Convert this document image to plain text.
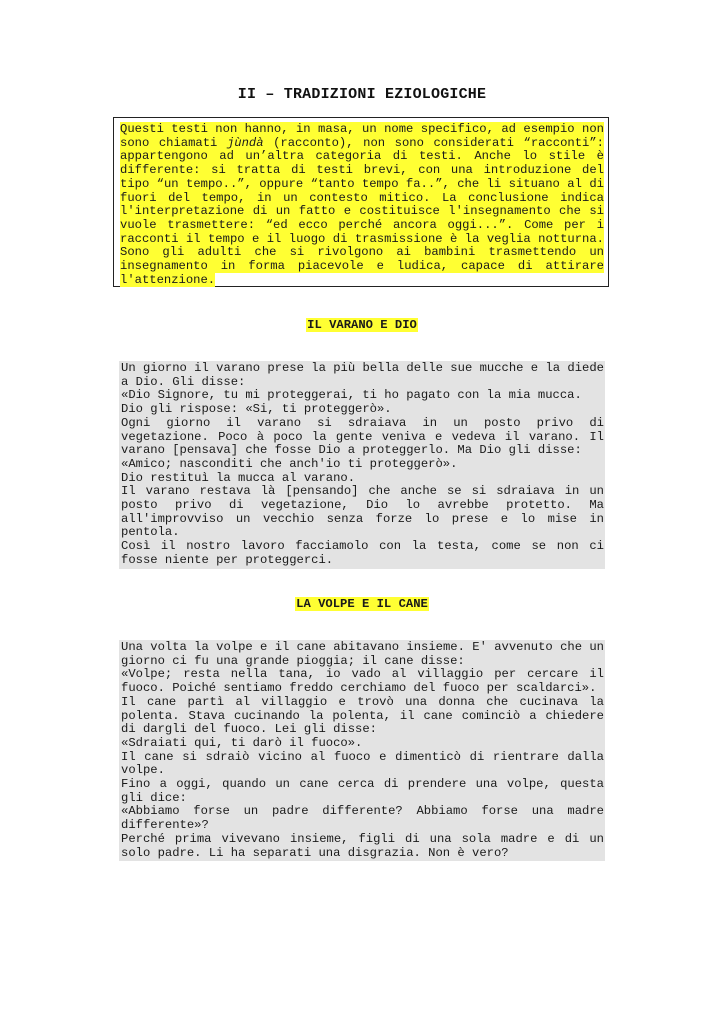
II – TRADIZIONI EZIOLOGICHE
Questi testi non hanno, in masa, un nome specifico, ad esempio non sono chiamati jùndà (racconto), non sono considerati “racconti”: appartengono ad un’altra categoria di testi. Anche lo stile è differente: si tratta di testi brevi, con una introduzione del tipo “un tempo..”, oppure “tanto tempo fa..”, che li situano al di fuori del tempo, in un contesto mitico. La conclusione indica l'interpretazione di un fatto e costituisce l'insegnamento che si vuole trasmettere: “ed ecco perché ancora oggi...”. Come per i racconti il tempo e il luogo di trasmissione è la veglia notturna. Sono gli adulti che si rivolgono ai bambini trasmettendo un insegnamento in forma piacevole e ludica, capace di attirare l'attenzione.
IL VARANO E DIO

Un giorno il varano prese la più bella delle sue mucche e la diede a Dio. Gli disse:

«Dio Signore, tu mi proteggerai, ti ho pagato con la mia mucca.

Dio gli rispose: «Si, ti proteggerò».

Ogni giorno il varano si sdraiava in un posto privo di vegetazione. Poco à poco la gente veniva e vedeva il varano. Il varano [pensava] che fosse Dio a proteggerlo. Ma Dio gli disse:

«Amico; nasconditi che anch'io ti proteggerò».

Dio restituì la mucca al varano.

Il varano restava là [pensando] che anche se si sdraiava in un posto privo di vegetazione, Dio lo avrebbe protetto. Ma all'improvviso un vecchio senza forze lo prese e lo mise in pentola.

Così il nostro lavoro facciamolo con la testa, come se non ci fosse niente per proteggerci.

LA VOLPE E IL CANE

Una volta la volpe e il cane abitavano insieme. E' avvenuto che un giorno ci fu una grande pioggia; il cane disse:

«Volpe; resta nella tana, io vado al villaggio per cercare il fuoco. Poiché sentiamo freddo cerchiamo del fuoco per scaldarci».

Il cane partì al villaggio e trovò una donna che cucinava la polenta. Stava cucinando la polenta, il cane cominciò a chiedere di dargli del fuoco. Lei gli disse:

«Sdraiati qui, ti darò il fuoco».

Il cane si sdraiò vicino al fuoco e dimenticò di rientrare dalla volpe.

Fino a oggi, quando un cane cerca di prendere una volpe, questa gli dice:

«Abbiamo forse un padre differente? Abbiamo forse una madre differente»?

Perché prima vivevano insieme, figli di una sola madre e di un solo padre. Li ha separati una disgrazia. Non è vero?
